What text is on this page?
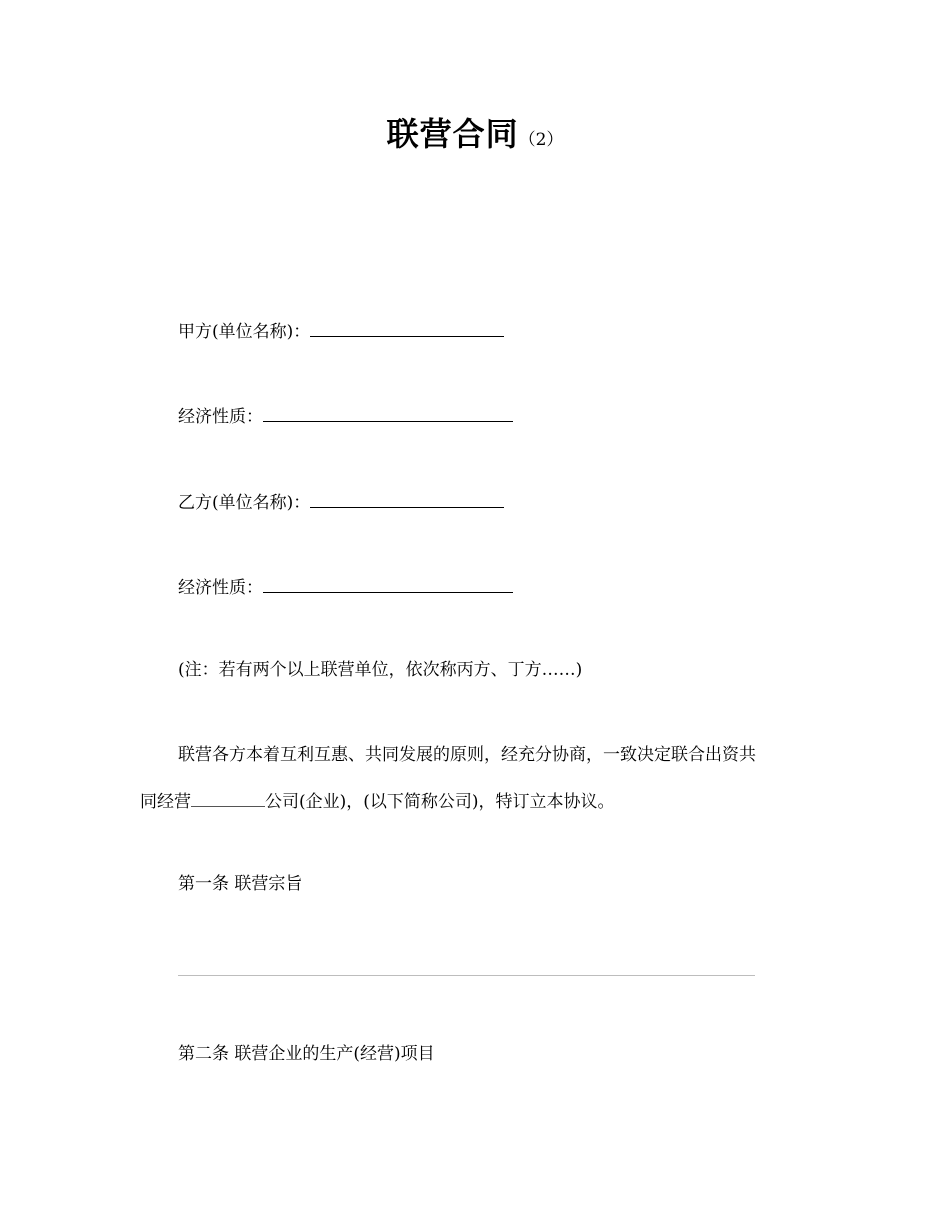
联营合同（2）
甲方(单位名称)：
经济性质：
乙方(单位名称)：
经济性质：
(注：若有两个以上联营单位，依次称丙方、丁方……)
联营各方本着互利互惠、共同发展的原则，经充分协商，一致决定联合出资共
同经营	公司(企业)，(以下简称公司)，特订立本协议。
第一条 联营宗旨
第二条 联营企业的生产(经营)项目
